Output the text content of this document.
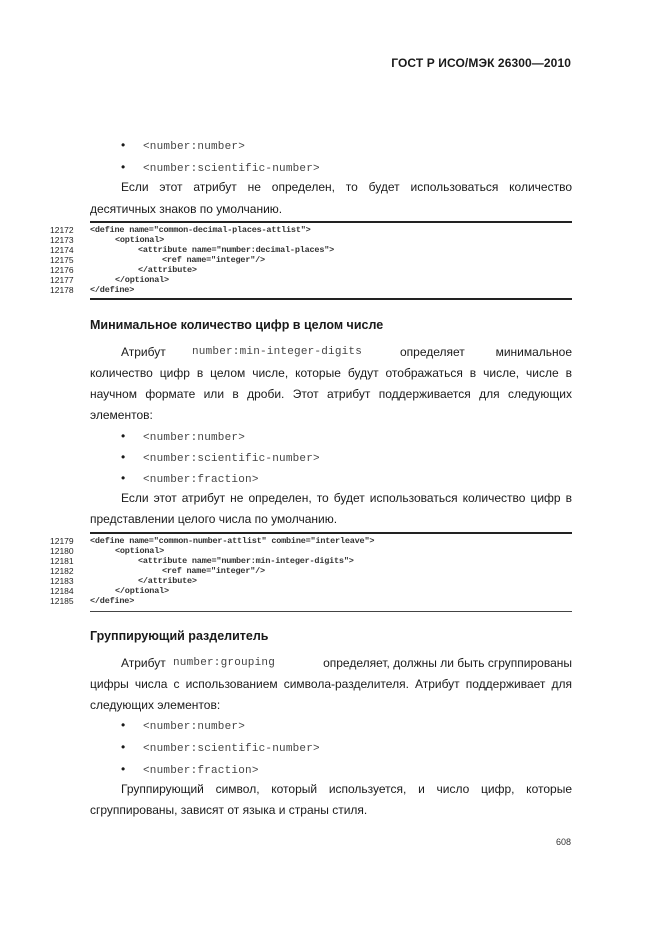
ГОСТ Р ИСО/МЭК 26300—2010
• <number:number>
• <number:scientific-number>
Если этот атрибут не определен, то будет использоваться количество
десятичных знаков по умолчанию.
12172	<define name="common-decimal-places-attlist">
12173	<optional>
12174	<attribute name="number:decimal-places">
12175	<ref name="integer"/>
12176	</attribute>
12177	</optional>
12178	</define>
Минимальное количество цифр в целом числе
Атрибут number:min-integer-digits	определяет	минимальное
количество цифр в целом числе, которые будут отображаться в числе, числе в
научном формате или в дроби. Этот атрибут поддерживается для следующих
элементов:
• <number:number>
• <number:scientific-number>
• <number:fraction>
Если этот атрибут не определен, то будет использоваться количество цифр в
представлении целого числа по умолчанию.
12179	<define name="common-number-attlist" combine="interleave">
12180	<optional>
12181	<attribute name="number:min-integer-digits">
12182	<ref name="integer"/>
12183	</attribute>
12184	</optional>
12185	</define>
Группирующий разделитель
Атрибут number:grouping	определяет, должны ли быть сгруппированы
цифры числа с использованием символа-разделителя. Атрибут поддерживает для
следующих элементов:
• <number:number>
• <number:scientific-number>
• <number:fraction>
Группирующий символ, который используется, и число цифр, которые
сгруппированы, зависят от языка и страны стиля.
608
